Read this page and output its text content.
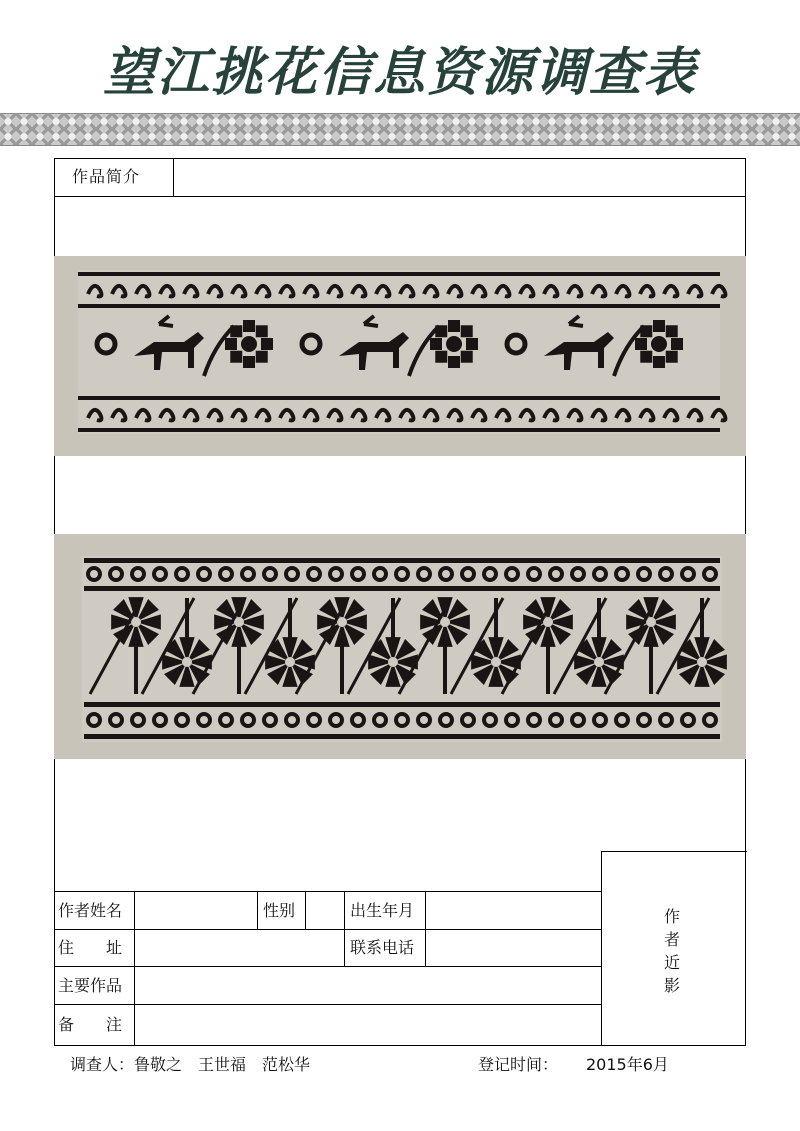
望江挑花信息资源调查表
作品简介
作者姓名	性别	出生年月
住　　址	联系电话
主要作品
备　　注
作者近影
调查人：鲁敬之　王世福　范松华	登记时间： 2015年6月
